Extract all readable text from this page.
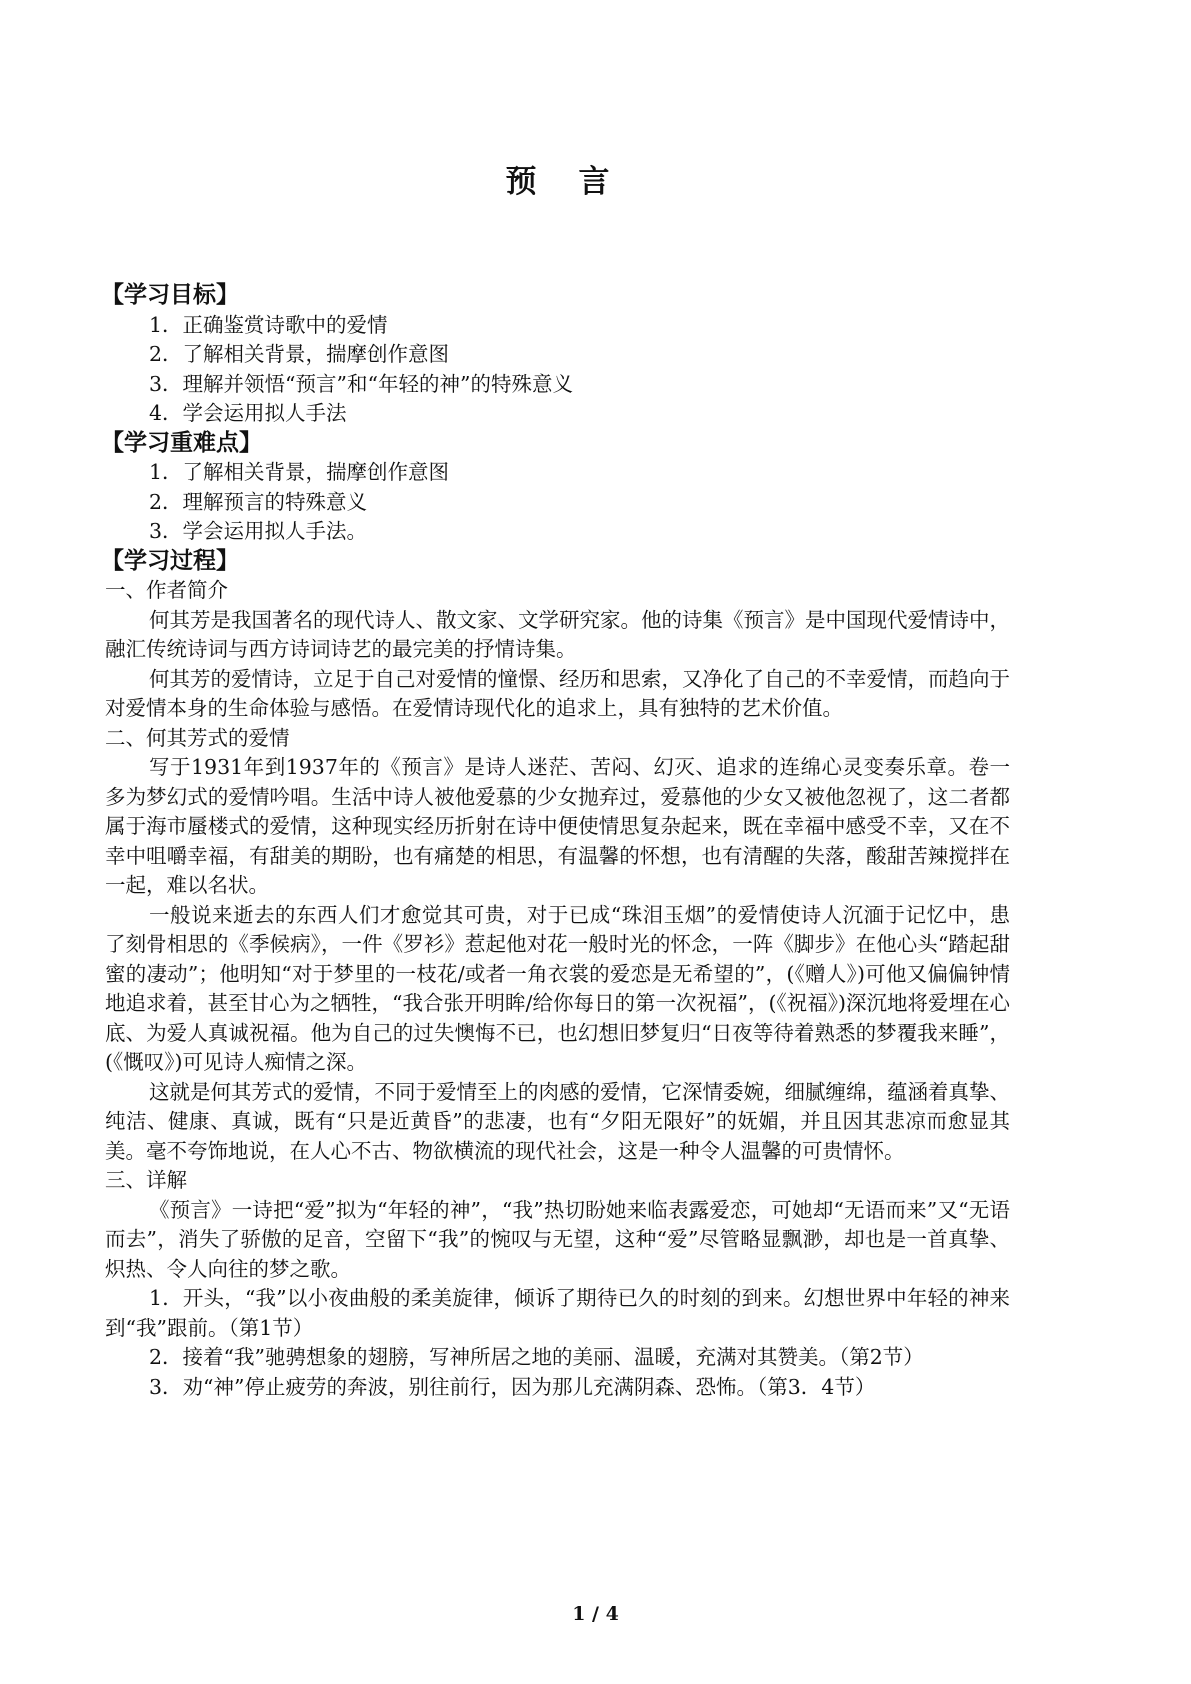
预 言
【学习目标】
1．正确鉴赏诗歌中的爱情
2．了解相关背景，揣摩创作意图
3．理解并领悟“预言”和“年轻的神”的特殊意义
4．学会运用拟人手法
【学习重难点】
1．了解相关背景，揣摩创作意图
2．理解预言的特殊意义
3．学会运用拟人手法。
【学习过程】
一、作者简介
何其芳是我国著名的现代诗人、散文家、文学研究家。他的诗集《预言》是中国现代爱情诗中，融汇传统诗词与西方诗词诗艺的最完美的抒情诗集。
何其芳的爱情诗，立足于自己对爱情的憧憬、经历和思索，又净化了自己的不幸爱情，而趋向于对爱情本身的生命体验与感悟。在爱情诗现代化的追求上，具有独特的艺术价值。
二、何其芳式的爱情
写于1931年到1937年的《预言》是诗人迷茫、苦闷、幻灭、追求的连绵心灵变奏乐章。卷一多为梦幻式的爱情吟唱。生活中诗人被他爱慕的少女抛弃过，爱慕他的少女又被他忽视了，这二者都属于海市蜃楼式的爱情，这种现实经历折射在诗中便使情思复杂起来，既在幸福中感受不幸，又在不幸中咀嚼幸福，有甜美的期盼，也有痛楚的相思，有温馨的怀想，也有清醒的失落，酸甜苦辣搅拌在一起，难以名状。
一般说来逝去的东西人们才愈觉其可贵，对于已成“珠泪玉烟”的爱情使诗人沉湎于记忆中，患了刻骨相思的《季候病》，一件《罗衫》惹起他对花一般时光的怀念，一阵《脚步》在他心头“踏起甜蜜的凄动”；他明知“对于梦里的一枝花/或者一角衣裳的爱恋是无希望的”，(《赠人》)可他又偏偏钟情地追求着，甚至甘心为之牺牲，“我合张开明眸/给你每日的第一次祝福”，(《祝福》)深沉地将爱埋在心底、为爱人真诚祝福。他为自己的过失懊悔不已，也幻想旧梦复归“日夜等待着熟悉的梦覆我来睡”，(《慨叹》)可见诗人痴情之深。
这就是何其芳式的爱情，不同于爱情至上的肉感的爱情，它深情委婉，细腻缠绵，蕴涵着真挚、纯洁、健康、真诚，既有“只是近黄昏”的悲凄，也有“夕阳无限好”的妩媚，并且因其悲凉而愈显其美。毫不夸饰地说，在人心不古、物欲横流的现代社会，这是一种令人温馨的可贵情怀。
三、详解
《预言》一诗把“爱”拟为“年轻的神”，“我”热切盼她来临表露爱恋，可她却“无语而来”又“无语而去”，消失了骄傲的足音，空留下“我”的惋叹与无望，这种“爱”尽管略显飘渺，却也是一首真挚、炽热、令人向往的梦之歌。
1．开头，“我”以小夜曲般的柔美旋律，倾诉了期待已久的时刻的到来。幻想世界中年轻的神来到“我”跟前。（第1节）
2．接着“我”驰骋想象的翅膀，写神所居之地的美丽、温暖，充满对其赞美。（第2节）
3．劝“神”停止疲劳的奔波，别往前行，因为那儿充满阴森、恐怖。（第3．4节）
1 / 4
